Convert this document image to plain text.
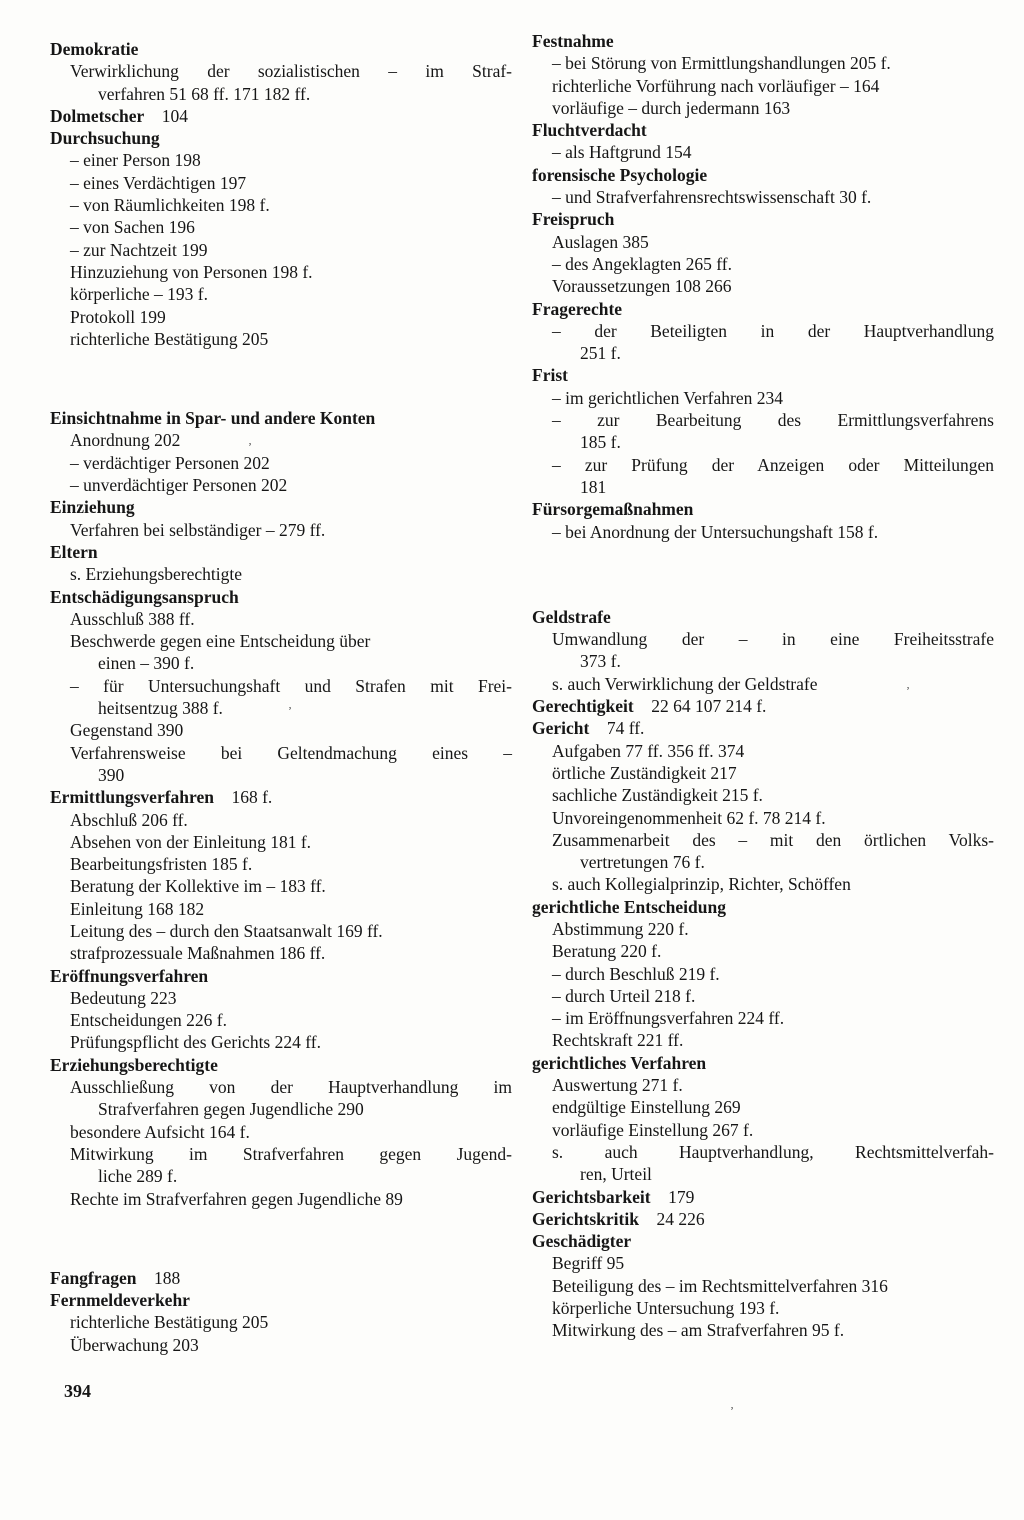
Demokratie
Verwirklichung der sozialistischen – im Straf-
verfahren 51 68 ff. 171 182 ff.
Dolmetscher  104
Durchsuchung
– einer Person 198
– eines Verdächtigen 197
– von Räumlichkeiten 198 f.
– von Sachen 196
– zur Nachtzeit 199
Hinzuziehung von Personen 198 f.
körperliche – 193 f.
Protokoll 199
richterliche Bestätigung 205
Einsichtnahme in Spar- und andere Konten
Anordnung 202
– verdächtiger Personen 202
– unverdächtiger Personen 202
Einziehung
Verfahren bei selbständiger – 279 ff.
Eltern
s. Erziehungsberechtigte
Entschädigungsanspruch
Ausschluß 388 ff.
Beschwerde gegen eine Entscheidung über
einen – 390 f.
– für Untersuchungshaft und Strafen mit Frei-
heitsentzug 388 f.
Gegenstand 390
Verfahrensweise bei Geltendmachung eines –
390
Ermittlungsverfahren  168 f.
Abschluß 206 ff.
Absehen von der Einleitung 181 f.
Bearbeitungsfristen 185 f.
Beratung der Kollektive im – 183 ff.
Einleitung 168 182
Leitung des – durch den Staatsanwalt 169 ff.
strafprozessuale Maßnahmen 186 ff.
Eröffnungsverfahren
Bedeutung 223
Entscheidungen 226 f.
Prüfungspflicht des Gerichts 224 ff.
Erziehungsberechtigte
Ausschließung von der Hauptverhandlung im
Strafverfahren gegen Jugendliche 290
besondere Aufsicht 164 f.
Mitwirkung im Strafverfahren gegen Jugend-
liche 289 f.
Rechte im Strafverfahren gegen Jugendliche 89
Fangfragen  188
Fernmeldeverkehr
richterliche Bestätigung 205
Überwachung 203
Festnahme
– bei Störung von Ermittlungshandlungen 205 f.
richterliche Vorführung nach vorläufiger – 164
vorläufige – durch jedermann 163
Fluchtverdacht
– als Haftgrund 154
forensische Psychologie
– und Strafverfahrensrechtswissenschaft 30 f.
Freispruch
Auslagen 385
– des Angeklagten 265 ff.
Voraussetzungen 108 266
Fragerechte
– der Beteiligten in der Hauptverhandlung
251 f.
Frist
– im gerichtlichen Verfahren 234
– zur Bearbeitung des Ermittlungsverfahrens
185 f.
– zur Prüfung der Anzeigen oder Mitteilungen
181
Fürsorgemaßnahmen
– bei Anordnung der Untersuchungshaft 158 f.
Geldstrafe
Umwandlung der – in eine Freiheitsstrafe
373 f.
s. auch Verwirklichung der Geldstrafe
Gerechtigkeit  22 64 107 214 f.
Gericht  74 ff.
Aufgaben 77 ff. 356 ff. 374
örtliche Zuständigkeit 217
sachliche Zuständigkeit 215 f.
Unvoreingenommenheit 62 f. 78 214 f.
Zusammenarbeit des – mit den örtlichen Volks-
vertretungen 76 f.
s. auch Kollegialprinzip, Richter, Schöffen
gerichtliche Entscheidung
Abstimmung 220 f.
Beratung 220 f.
– durch Beschluß 219 f.
– durch Urteil 218 f.
– im Eröffnungsverfahren 224 ff.
Rechtskraft 221 ff.
gerichtliches Verfahren
Auswertung 271 f.
endgültige Einstellung 269
vorläufige Einstellung 267 f.
s. auch Hauptverhandlung, Rechtsmittelverfah-
ren, Urteil
Gerichtsbarkeit  179
Gerichtskritik  24 226
Geschädigter
Begriff 95
Beteiligung des – im Rechtsmittelverfahren 316
körperliche Untersuchung 193 f.
Mitwirkung des – am Strafverfahren 95 f.
394
ʼ
ʼ
ʼ
ʼ
